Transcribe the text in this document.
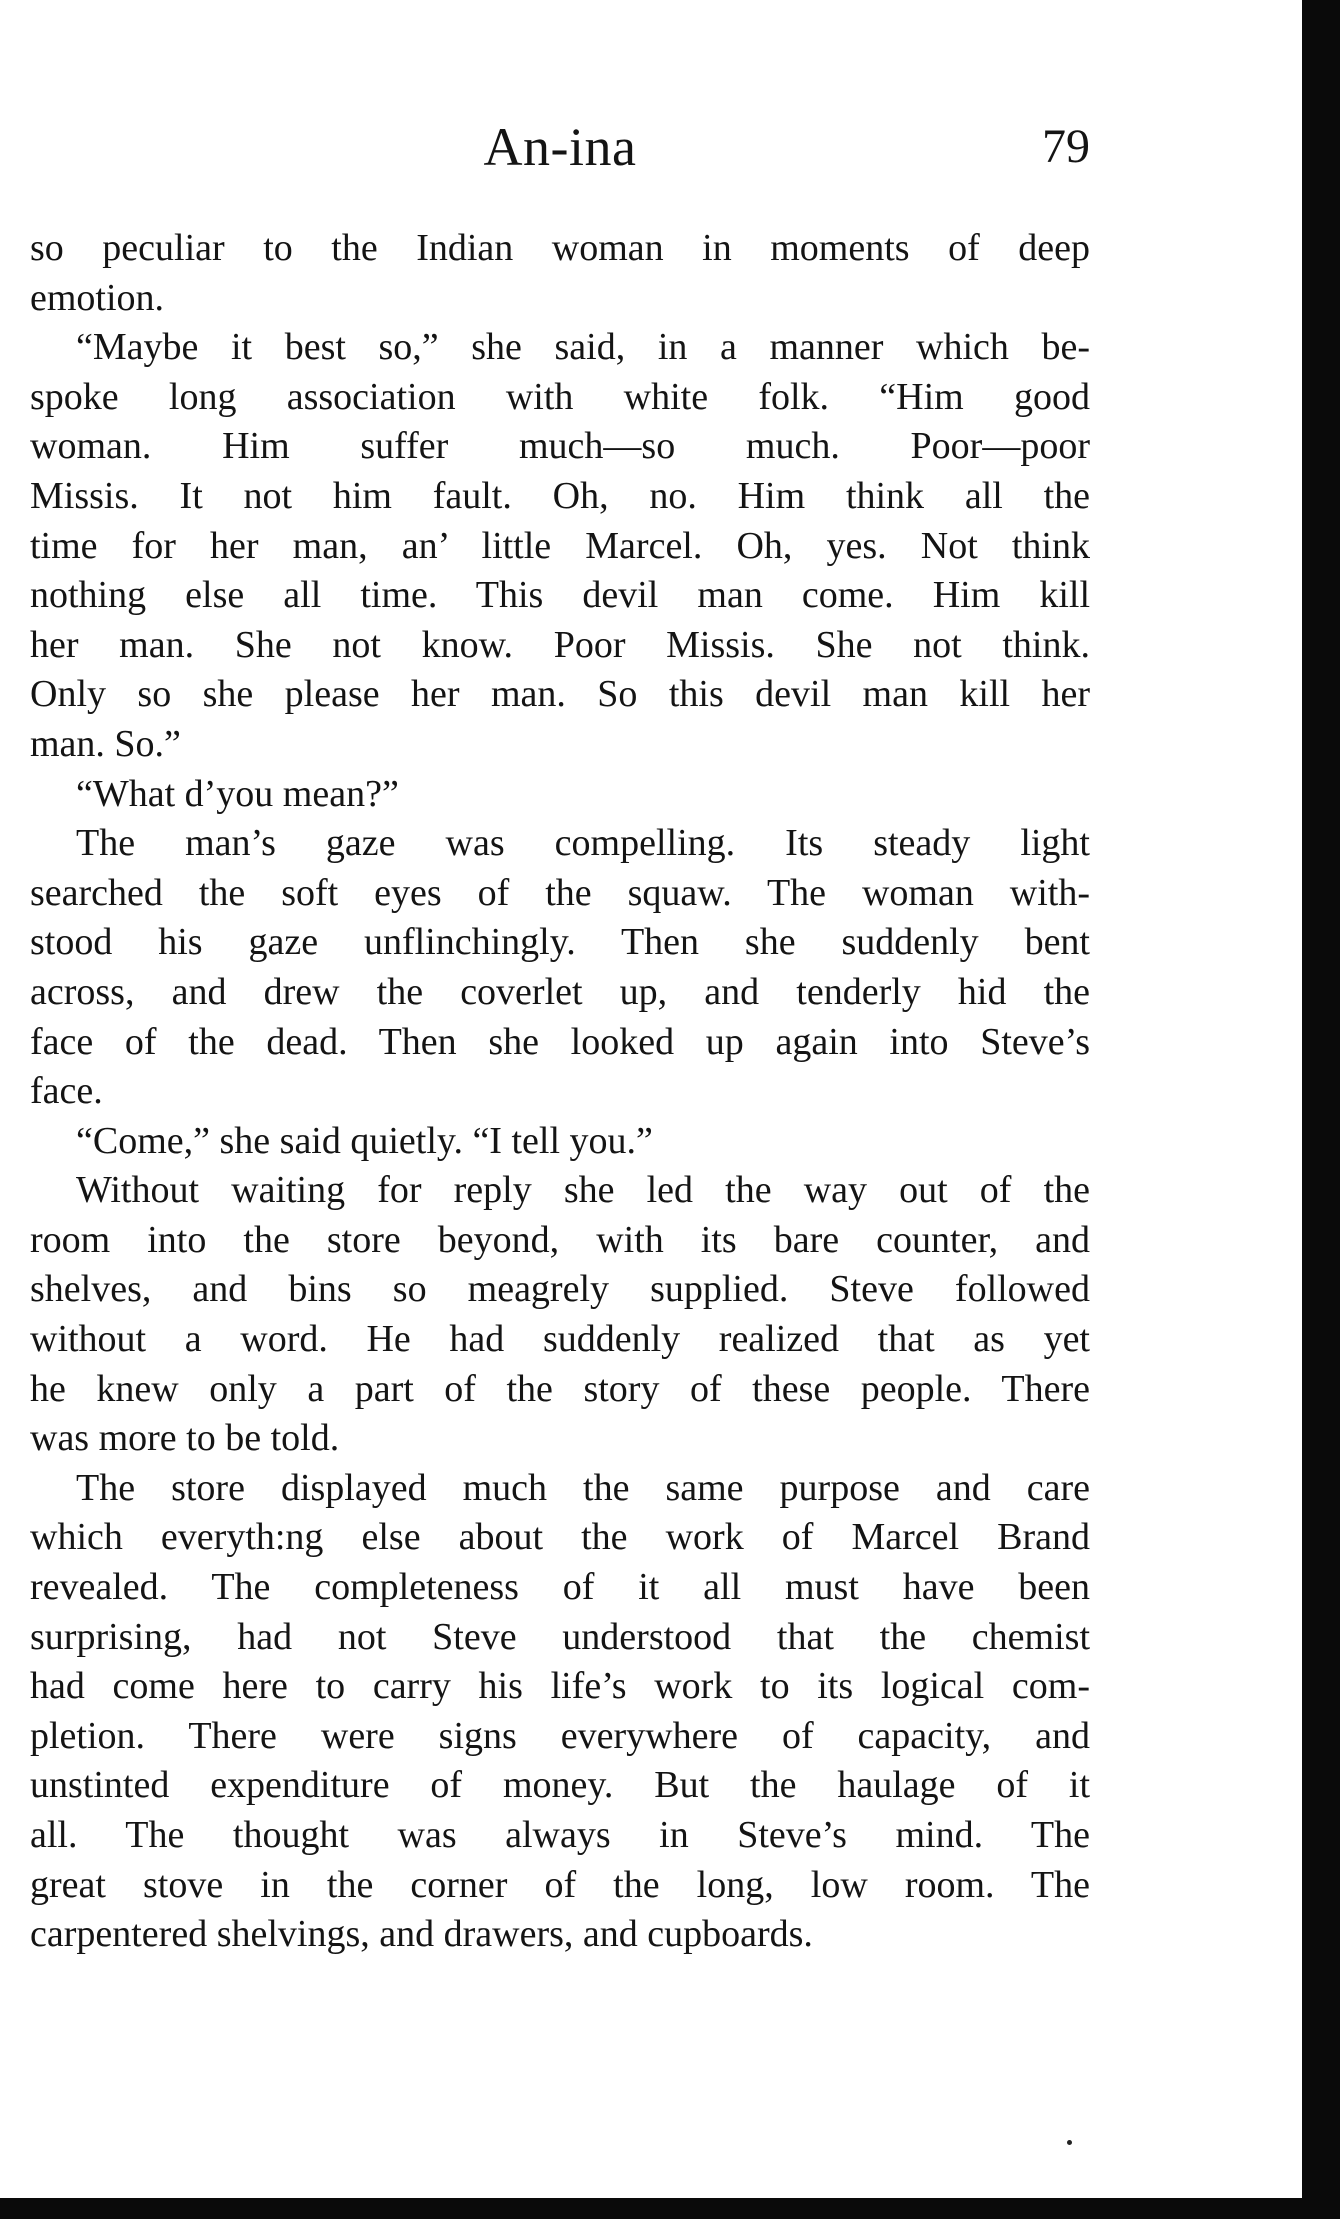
An-ina	79
so peculiar to the Indian woman in moments of deep
emotion.
“Maybe it best so,” she said, in a manner which be-
spoke long association with white folk. “Him good
woman. Him suffer much—so much. Poor—poor
Missis. It not him fault. Oh, no. Him think all the
time for her man, an’ little Marcel. Oh, yes. Not think
nothing else all time. This devil man come. Him kill
her man. She not know. Poor Missis. She not think.
Only so she please her man. So this devil man kill her
man. So.”
“What d’you mean?”
The man’s gaze was compelling. Its steady light
searched the soft eyes of the squaw. The woman with-
stood his gaze unflinchingly. Then she suddenly bent
across, and drew the coverlet up, and tenderly hid the
face of the dead. Then she looked up again into Steve’s
face.
“Come,” she said quietly. “I tell you.”
Without waiting for reply she led the way out of the
room into the store beyond, with its bare counter, and
shelves, and bins so meagrely supplied. Steve followed
without a word. He had suddenly realized that as yet
he knew only a part of the story of these people. There
was more to be told.
The store displayed much the same purpose and care
which everyth:ng else about the work of Marcel Brand
revealed. The completeness of it all must have been
surprising, had not Steve understood that the chemist
had come here to carry his life’s work to its logical com-
pletion. There were signs everywhere of capacity, and
unstinted expenditure of money. But the haulage of it
all. The thought was always in Steve’s mind. The
great stove in the corner of the long, low room. The
carpentered shelvings, and drawers, and cupboards.
